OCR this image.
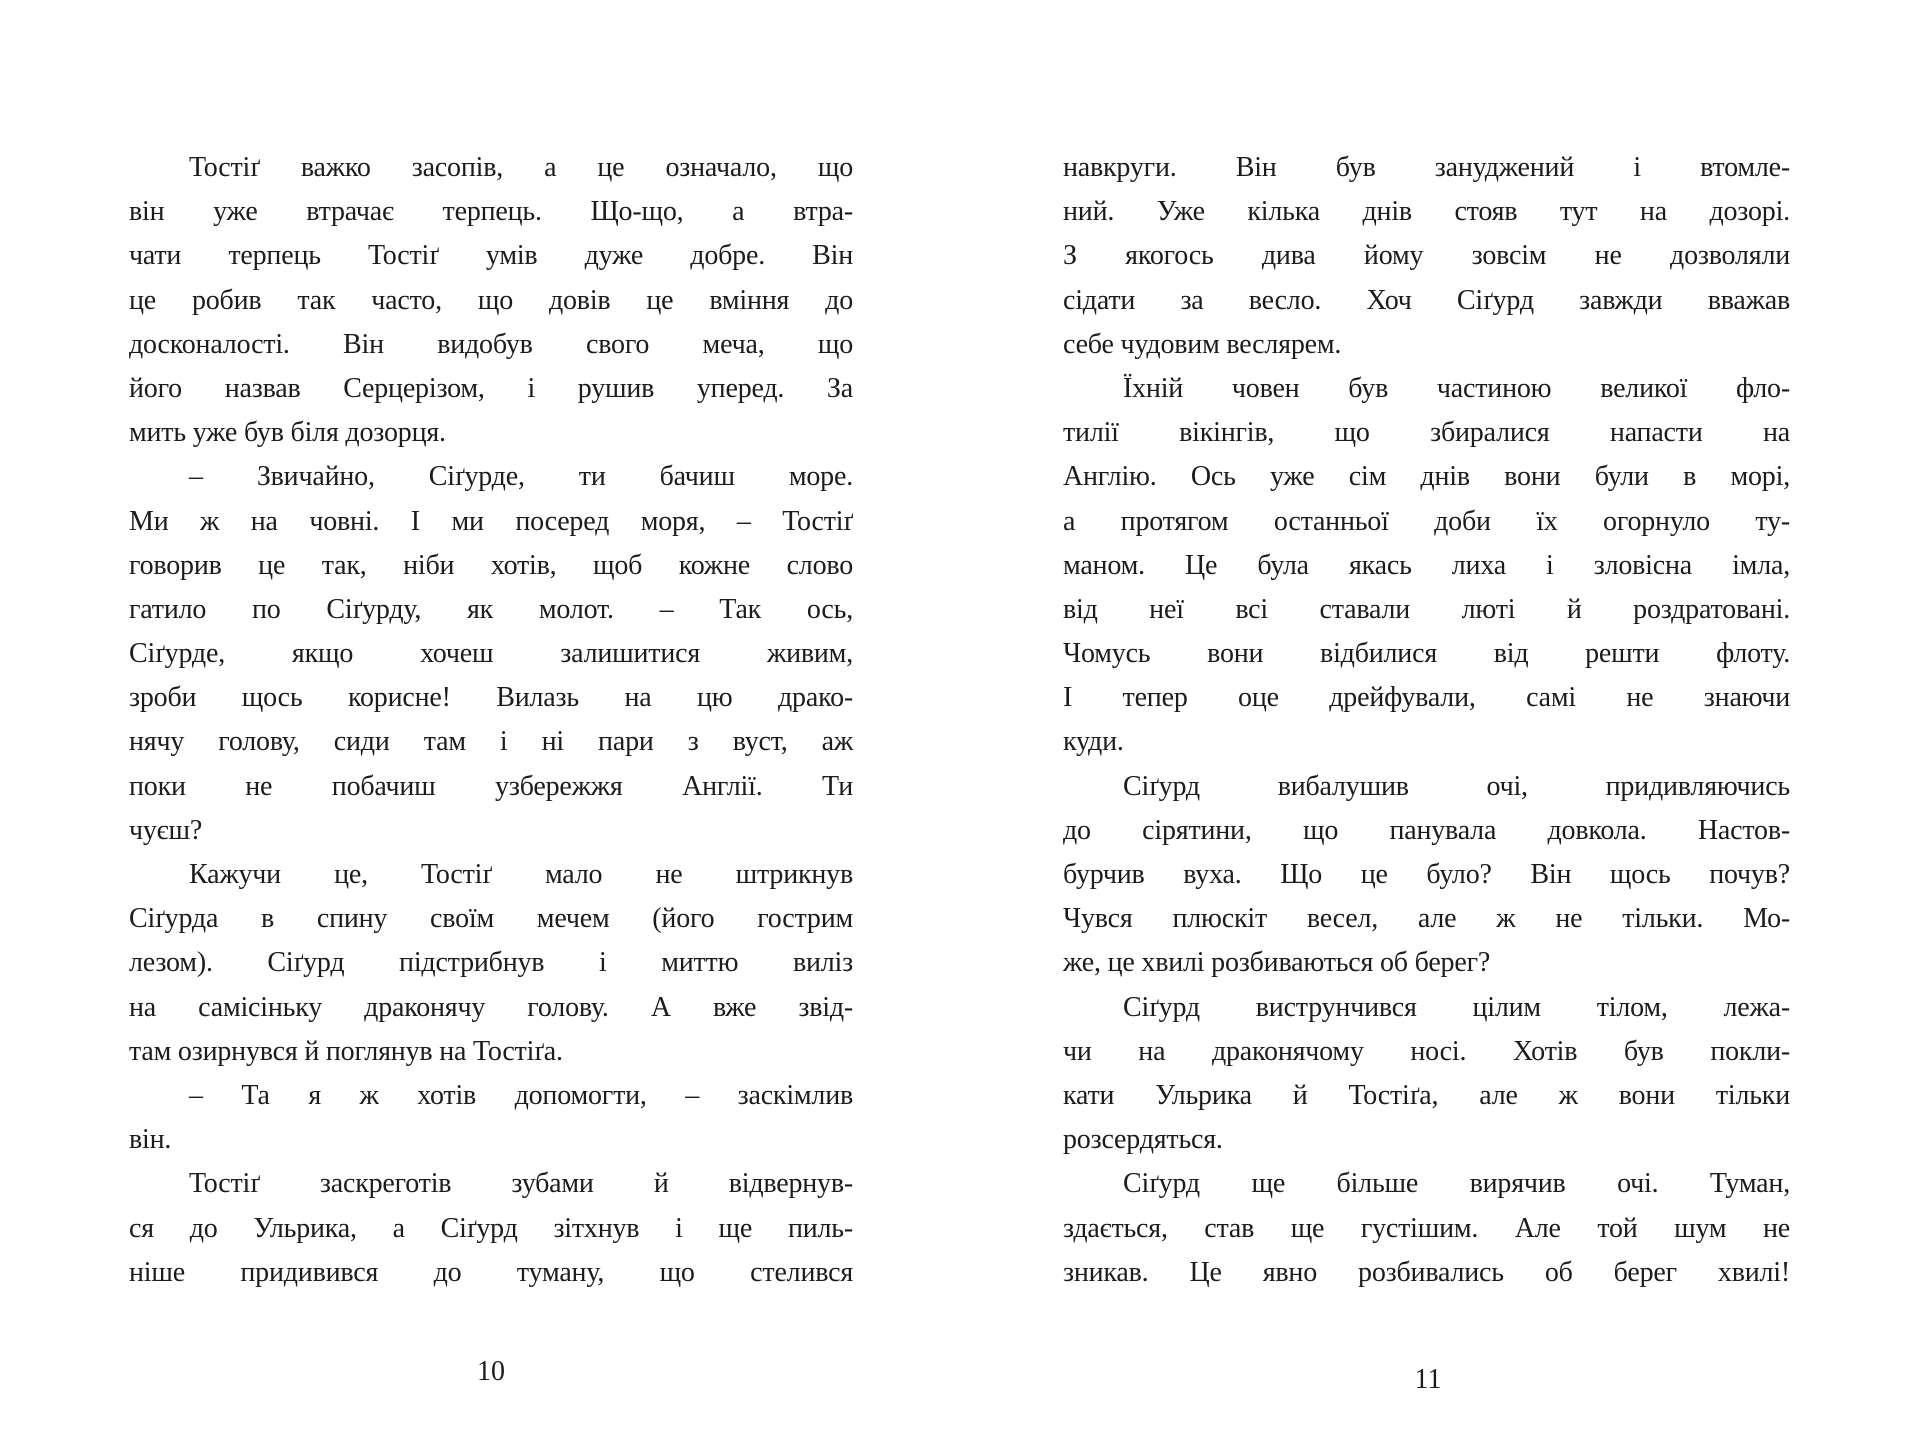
Тостіґ важко засопів, а це означало, що
він уже втрачає терпець. Що-що, а втра-
чати терпець Тостіґ умів дуже добре. Він
це робив так часто, що довів це вміння до
досконалості. Він видобув свого меча, що
його назвав Серцерізом, і рушив уперед. За
мить уже був біля дозорця.
– Звичайно, Сіґурде, ти бачиш море.
Ми ж на човні. І ми посеред моря, – Тостіґ
говорив це так, ніби хотів, щоб кожне слово
гатило по Сіґурду, як молот. – Так ось,
Сіґурде, якщо хочеш залишитися живим,
зроби щось корисне! Вилазь на цю драко-
нячу голову, сиди там і ні пари з вуст, аж
поки не побачиш узбережжя Англії. Ти
чуєш?
Кажучи це, Тостіґ мало не штрикнув
Сіґурда в спину своїм мечем (його гострим
лезом). Сіґурд підстрибнув і миттю виліз
на самісіньку драконячу голову. А вже звід-
там озирнувся й поглянув на Тостіґа.
– Та я ж хотів допомогти, – заскімлив
він.
Тостіґ заскреготів зубами й відвернув-
ся до Ульрика, а Сіґурд зітхнув і ще пиль-
ніше придивився до туману, що стелився
10
навкруги. Він був зануджений і втомле-
ний. Уже кілька днів стояв тут на дозорі.
З якогось дива йому зовсім не дозволяли
сідати за весло. Хоч Сіґурд завжди вважав
себе чудовим веслярем.
Їхній човен був частиною великої фло-
тилії вікінгів, що збиралися напасти на
Англію. Ось уже сім днів вони були в морі,
а протягом останньої доби їх огорнуло ту-
маном. Це була якась лиха і зловісна імла,
від неї всі ставали люті й роздратовані.
Чомусь вони відбилися від решти флоту.
І тепер оце дрейфували, самі не знаючи
куди.
Сіґурд вибалушив очі, придивляючись
до сірятини, що панувала довкола. Настов-
бурчив вуха. Що це було? Він щось почув?
Чувся плюскіт весел, але ж не тільки. Мо-
же, це хвилі розбиваються об берег?
Сіґурд виструнчився цілим тілом, лежа-
чи на драконячому носі. Хотів був покли-
кати Ульрика й Тостіґа, але ж вони тільки
розсердяться.
Сіґурд ще більше вирячив очі. Туман,
здається, став ще густішим. Але той шум не
зникав. Це явно розбивались об берег хвилі!
11
